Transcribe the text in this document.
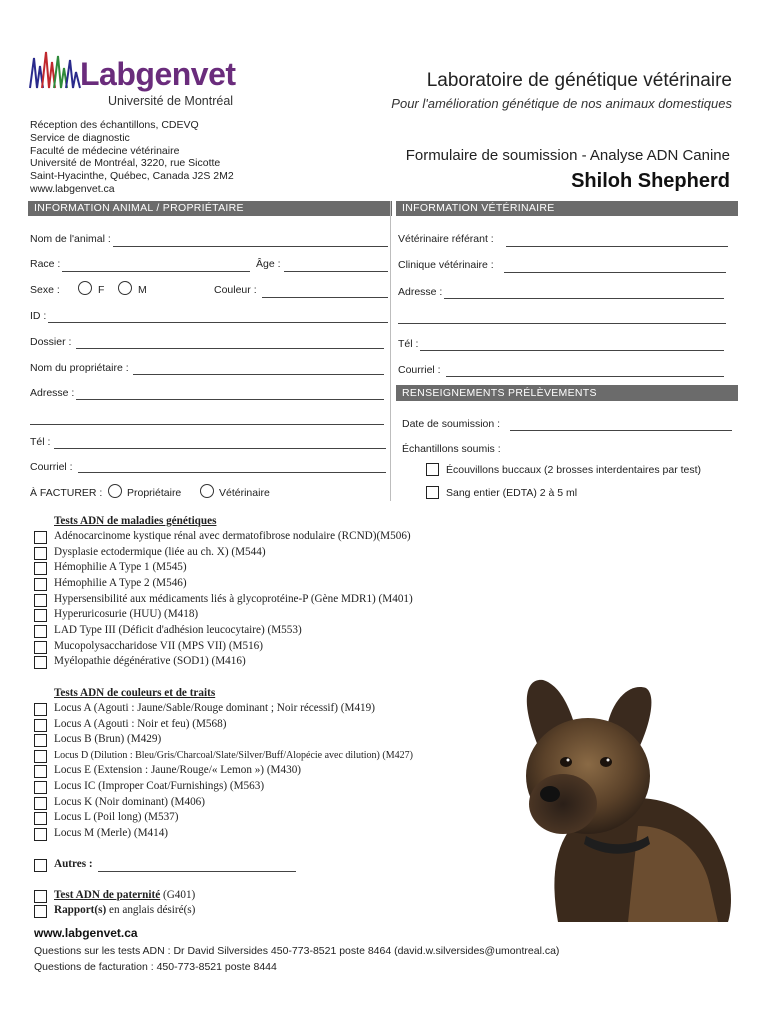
Labgenvet
Université de Montréal
Laboratoire de génétique vétérinaire
Pour l'amélioration génétique de nos animaux domestiques
Réception des échantillons, CDEVQ
Service de diagnostic
Faculté de médecine vétérinaire
Université de Montréal, 3220, rue Sicotte
Saint-Hyacinthe, Québec, Canada J2S 2M2
www.labgenvet.ca
Formulaire de soumission - Analyse ADN Canine
Shiloh Shepherd
INFORMATION ANIMAL / PROPRIÉTAIRE	INFORMATION VÉTÉRINAIRE
Nom de l'animal :
Race :	Âge :
Sexe :	F	M	Couleur :
ID :
Dossier :
Nom du propriétaire :
Adresse :
Tél :
Courriel :
À FACTURER : Propriétaire	Vétérinaire
Vétérinaire référant :
Clinique vétérinaire :
Adresse :
Tél :
Courriel :
RENSEIGNEMENTS PRÉLÈVEMENTS
Date de soumission :
Échantillons soumis :
Écouvillons buccaux (2 brosses interdentaires par test)
Sang entier (EDTA) 2 à 5 ml
Tests ADN de maladies génétiques
Adénocarcinome kystique rénal avec dermatofibrose nodulaire (RCND)(M506)
Dysplasie ectodermique (liée au ch. X) (M544)
Hémophilie A Type 1 (M545)
Hémophilie A Type 2 (M546)
Hypersensibilité aux médicaments liés à glycoprotéine-P (Gène MDR1) (M401)
Hyperuricosurie (HUU) (M418)
LAD Type III (Déficit d'adhésion leucocytaire) (M553)
Mucopolysaccharidose VII (MPS VII) (M516)
Myélopathie dégénérative (SOD1) (M416)
Tests ADN de couleurs et de traits
Locus A (Agouti : Jaune/Sable/Rouge dominant ; Noir récessif) (M419)
Locus A (Agouti : Noir et feu) (M568)
Locus B (Brun) (M429)
Locus D (Dilution : Bleu/Gris/Charcoal/Slate/Silver/Buff/Alopécie avec dilution) (M427)
Locus E (Extension : Jaune/Rouge/« Lemon ») (M430)
Locus IC (Improper Coat/Furnishings) (M563)
Locus K (Noir dominant) (M406)
Locus L (Poil long) (M537)
Locus M (Merle) (M414)
Autres :
Test ADN de paternité (G401)
Rapport(s) en anglais désiré(s)
www.labgenvet.ca
Questions sur les tests ADN : Dr David Silversides 450-773-8521 poste 8464 (david.w.silversides@umontreal.ca)
Questions de facturation : 450-773-8521 poste 8444
